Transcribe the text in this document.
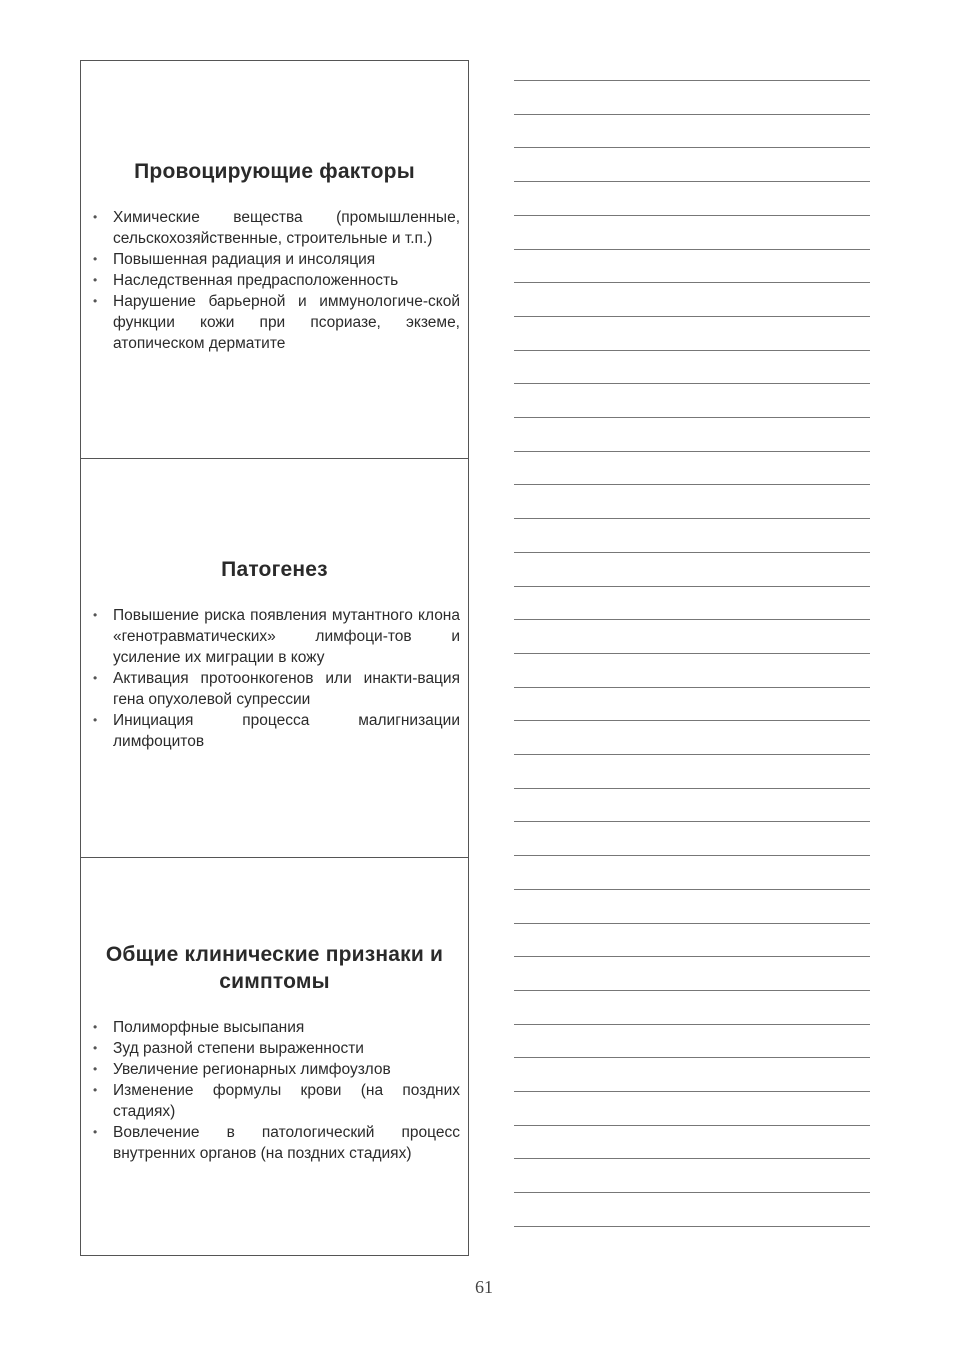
Провоцирующие факторы
• Химические вещества (промышленные, сельскохозяйственные, строительные и т.п.)
• Повышенная радиация и инсоляция
• Наследственная предрасположенность
• Нарушение барьерной и иммунологиче-ской функции кожи при псориазе, экземе, атопическом дерматите
Патогенез
• Повышение риска появления мутантного клона «генотравматических» лимфоци-тов и усиление их миграции в кожу
• Активация протоонкогенов или инакти-вация гена опухолевой супрессии
• Инициация процесса малигнизации лимфоцитов
Общие клинические признаки и симптомы
• Полиморфные высыпания
• Зуд разной степени выраженности
• Увеличение регионарных лимфоузлов
• Изменение формулы крови (на поздних стадиях)
• Вовлечение в патологический процесс внутренних органов (на поздних стадиях)
61
